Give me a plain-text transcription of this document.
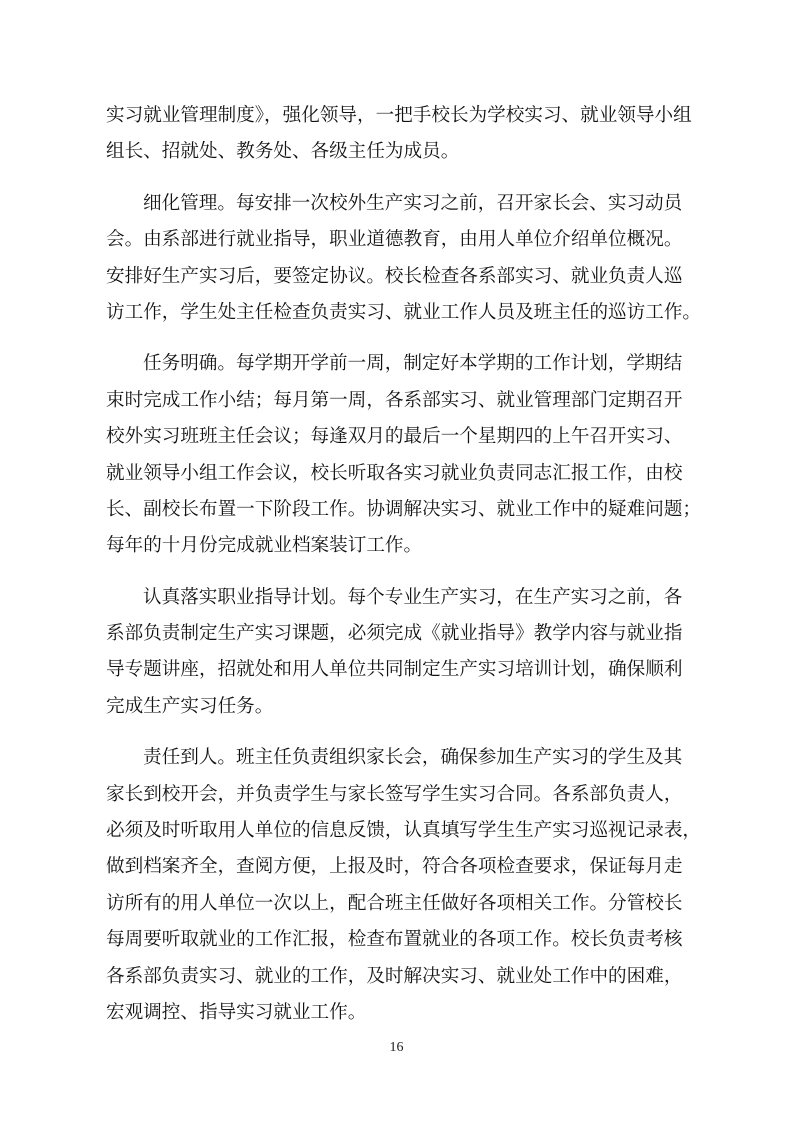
实习就业管理制度》，强化领导，一把手校长为学校实习、就业领导小组
组长、招就处、教务处、各级主任为成员。
细化管理。每安排一次校外生产实习之前，召开家长会、实习动员
会。由系部进行就业指导，职业道德教育，由用人单位介绍单位概况。
安排好生产实习后，要签定协议。校长检查各系部实习、就业负责人巡
访工作，学生处主任检查负责实习、就业工作人员及班主任的巡访工作。
任务明确。每学期开学前一周，制定好本学期的工作计划，学期结
束时完成工作小结；每月第一周，各系部实习、就业管理部门定期召开
校外实习班班主任会议；每逢双月的最后一个星期四的上午召开实习、
就业领导小组工作会议，校长听取各实习就业负责同志汇报工作，由校
长、副校长布置一下阶段工作。协调解决实习、就业工作中的疑难问题；
每年的十月份完成就业档案装订工作。
认真落实职业指导计划。每个专业生产实习，在生产实习之前，各
系部负责制定生产实习课题，必须完成《就业指导》教学内容与就业指
导专题讲座，招就处和用人单位共同制定生产实习培训计划，确保顺利
完成生产实习任务。
责任到人。班主任负责组织家长会，确保参加生产实习的学生及其
家长到校开会，并负责学生与家长签写学生实习合同。各系部负责人，
必须及时听取用人单位的信息反馈，认真填写学生生产实习巡视记录表，
做到档案齐全，查阅方便，上报及时，符合各项检查要求，保证每月走
访所有的用人单位一次以上，配合班主任做好各项相关工作。分管校长
每周要听取就业的工作汇报，检查布置就业的各项工作。校长负责考核
各系部负责实习、就业的工作，及时解决实习、就业处工作中的困难，
宏观调控、指导实习就业工作。
16
